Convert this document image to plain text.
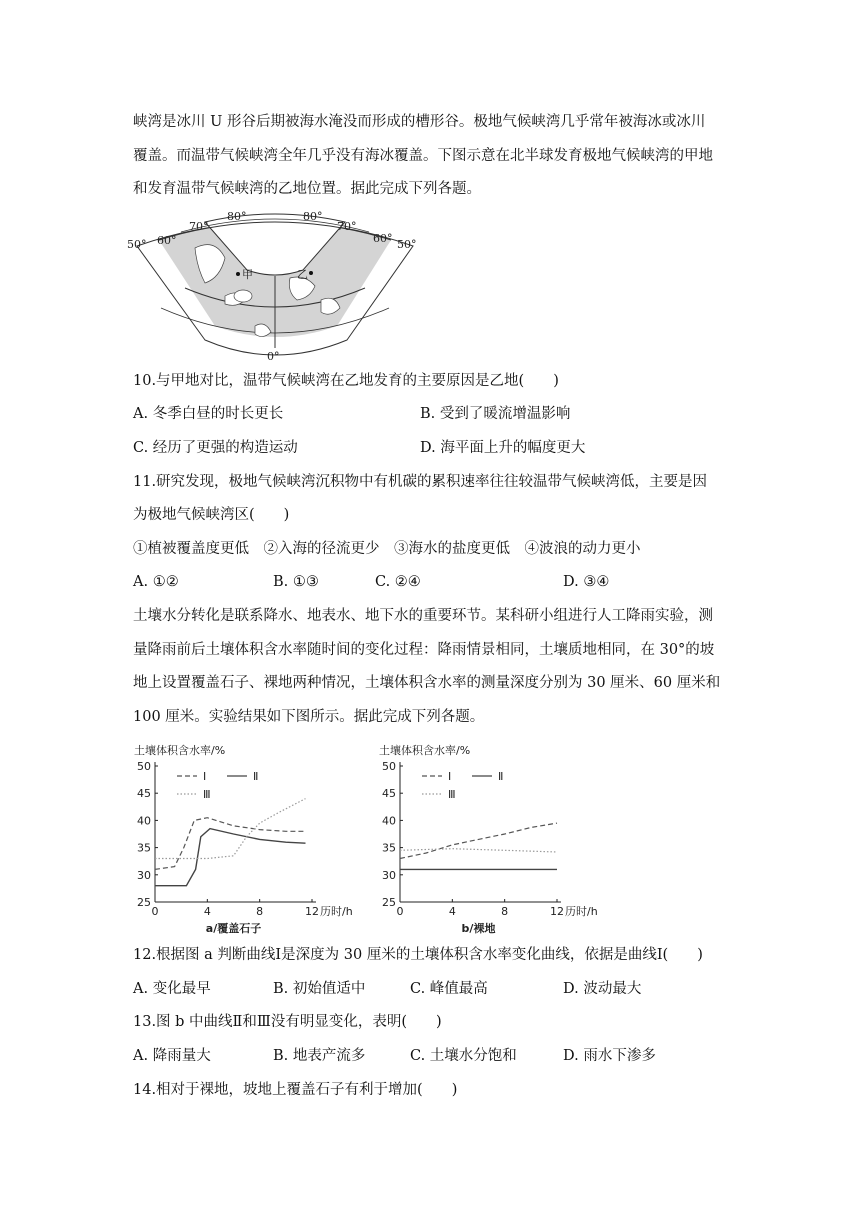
峡湾是冰川 U 形谷后期被海水淹没而形成的槽形谷。极地气候峡湾几乎常年被海冰或冰川
覆盖。而温带气候峡湾全年几乎没有海冰覆盖。下图示意在北半球发育极地气候峡湾的甲地
和发育温带气候峡湾的乙地位置。据此完成下列各题。
甲	乙
50° 60°
70°
80°	80°
70°
60° 50°
0°
10.与甲地对比，温带气候峡湾在乙地发育的主要原因是乙地(　　)
A. 冬季白昼的时长更长	B. 受到了暖流增温影响
C. 经历了更强的构造运动	D. 海平面上升的幅度更大
11.研究发现，极地气候峡湾沉积物中有机碳的累积速率往往较温带气候峡湾低，主要是因
为极地气候峡湾区(　　)
①植被覆盖度更低　②入海的径流更少　③海水的盐度更低　④波浪的动力更小
A. ①②	B. ①③	C. ②④	D. ③④
土壤水分转化是联系降水、地表水、地下水的重要环节。某科研小组进行人工降雨实验，测
量降雨前后土壤体积含水率随时间的变化过程：降雨情景相同，土壤质地相同，在 30°的坡
地上设置覆盖石子、裸地两种情况，土壤体积含水率的测量深度分别为 30 厘米、60 厘米和
100 厘米。实验结果如下图所示。据此完成下列各题。
土壤体积含水率/%
25
30
35
40
45
50
0	4	8	12 历时/h
Ⅰ	Ⅱ
Ⅲ
a/覆盖石子
土壤体积含水率/%
25
30
35
40
45
50
0	4	8	12 历时/h
Ⅰ	Ⅱ
Ⅲ
b/裸地
12.根据图 a 判断曲线Ⅰ是深度为 30 厘米的土壤体积含水率变化曲线，依据是曲线Ⅰ(　　)
A. 变化最早	B. 初始值适中	C. 峰值最高	D. 波动最大
13.图 b 中曲线Ⅱ和Ⅲ没有明显变化，表明(　　)
A. 降雨量大	B. 地表产流多	C. 土壤水分饱和	D. 雨水下渗多
14.相对于裸地，坡地上覆盖石子有利于增加(　　)
